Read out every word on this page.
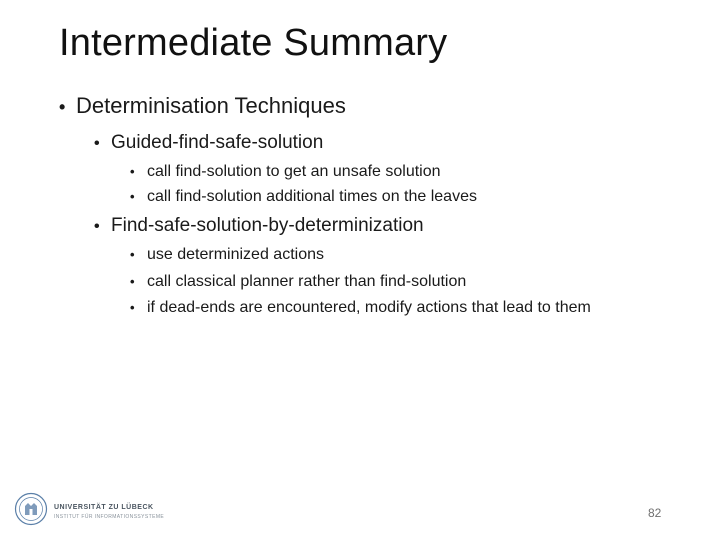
Intermediate Summary
• Determinisation Techniques
• Guided-find-safe-solution
• call find-solution to get an unsafe solution
• call find-solution additional times on the leaves
• Find-safe-solution-by-determinization
• use determinized actions
• call classical planner rather than find-solution
• if dead-ends are encountered, modify actions that lead to them
UNIVERSITÄT ZU LÜBECK
INSTITUT FÜR INFORMATIONSSYSTEME	82
